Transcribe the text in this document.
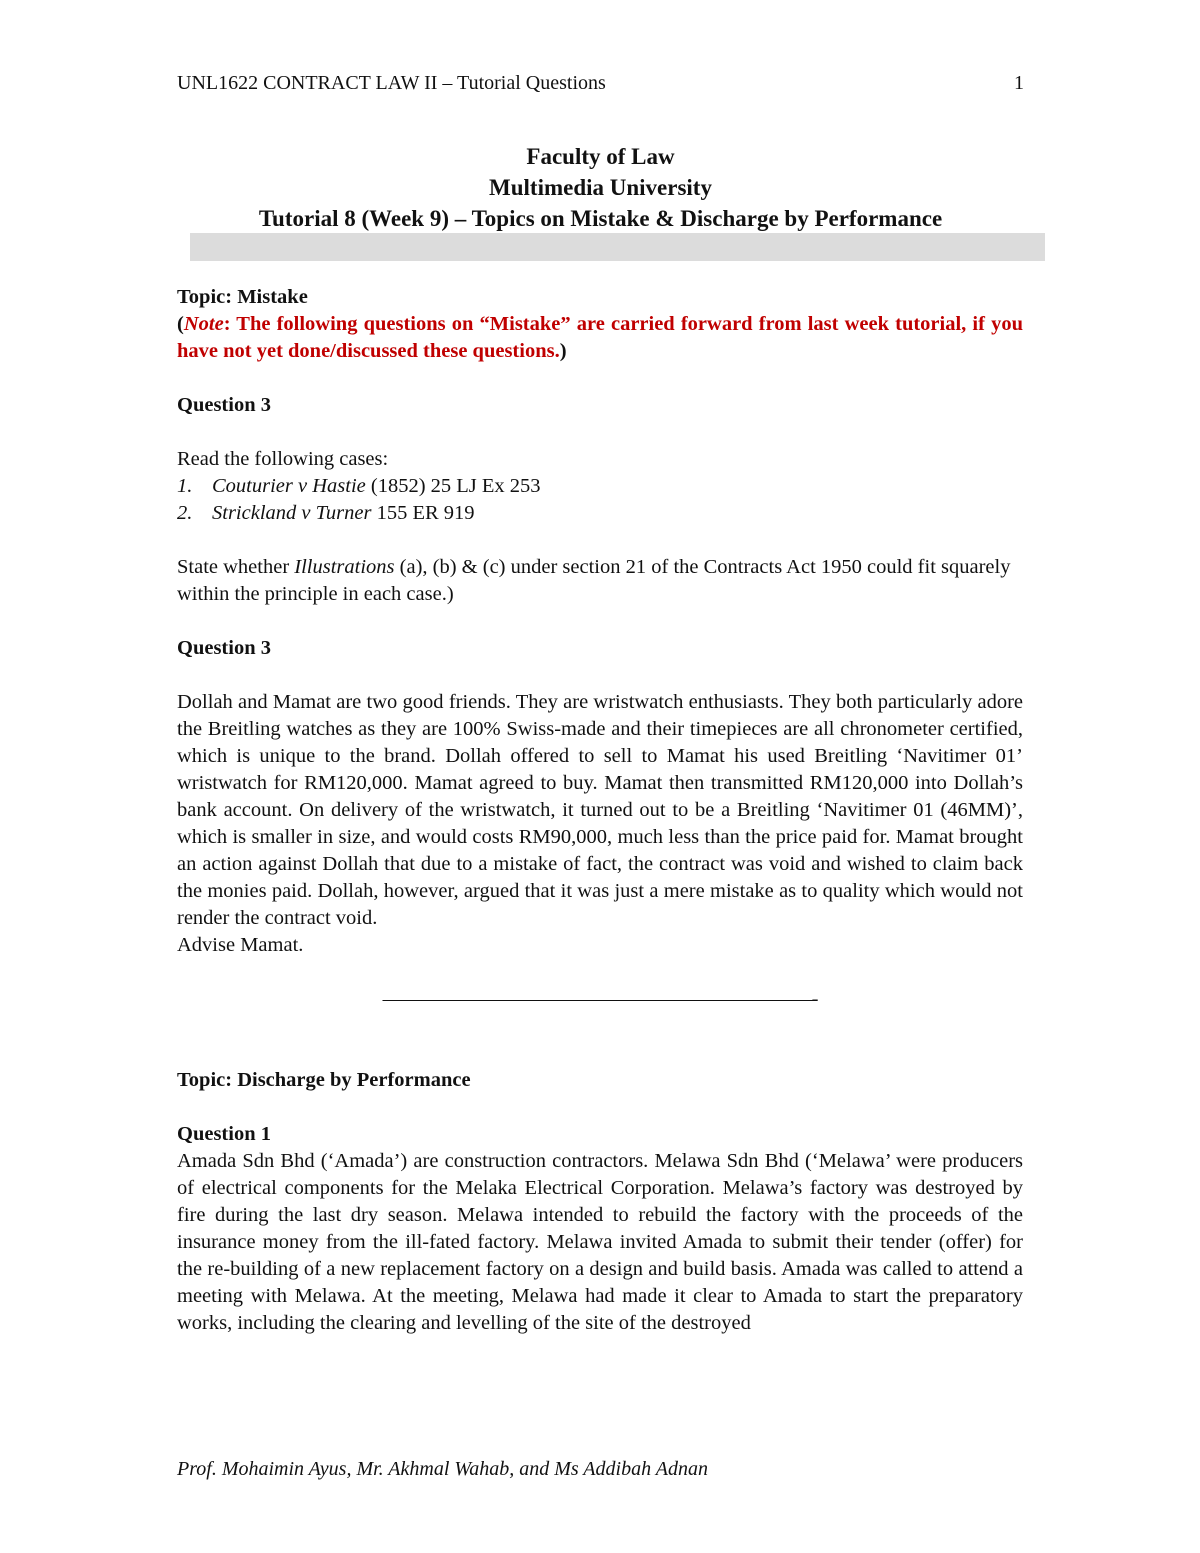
UNL1622 CONTRACT LAW II – Tutorial Questions	1
Faculty of Law
Multimedia University
Tutorial 8 (Week 9) – Topics on Mistake & Discharge by Performance

Topic: Mistake

(Note: The following questions on “Mistake” are carried forward from last week tutorial, if you have not yet done/discussed these questions.)

Question 3

Read the following cases:

1. Couturier v Hastie (1852) 25 LJ Ex 253
2. Strickland v Turner 155 ER 919

State whether Illustrations (a), (b) & (c) under section 21 of the Contracts Act 1950 could fit squarely within the principle in each case.)

Question 3

Dollah and Mamat are two good friends. They are wristwatch enthusiasts. They both particularly adore the Breitling watches as they are 100% Swiss-made and their timepieces are all chronometer certified, which is unique to the brand. Dollah offered to sell to Mamat his used Breitling ‘Navitimer 01’ wristwatch for RM120,000. Mamat agreed to buy. Mamat then transmitted RM120,000 into Dollah’s bank account. On delivery of the wristwatch, it turned out to be a Breitling ‘Navitimer 01 (46MM)’, which is smaller in size, and would costs RM90,000, much less than the price paid for. Mamat brought an action against Dollah that due to a mistake of fact, the contract was void and wished to claim back the monies paid. Dollah, however, argued that it was just a mere mistake as to quality which would not render the contract void.

Advise Mamat.

——————————————————————-

Topic: Discharge by Performance

Question 1

Amada Sdn Bhd (‘Amada’) are construction contractors. Melawa Sdn Bhd (‘Melawa’ were producers of electrical components for the Melaka Electrical Corporation. Melawa’s factory was destroyed by fire during the last dry season. Melawa intended to rebuild the factory with the proceeds of the insurance money from the ill-fated factory. Melawa invited Amada to submit their tender (offer) for the re-building of a new replacement factory on a design and build basis. Amada was called to attend a meeting with Melawa. At the meeting, Melawa had made it clear to Amada to start the preparatory works, including the clearing and levelling of the site of the destroyed

Prof. Mohaimin Ayus, Mr. Akhmal Wahab, and Ms Addibah Adnan
